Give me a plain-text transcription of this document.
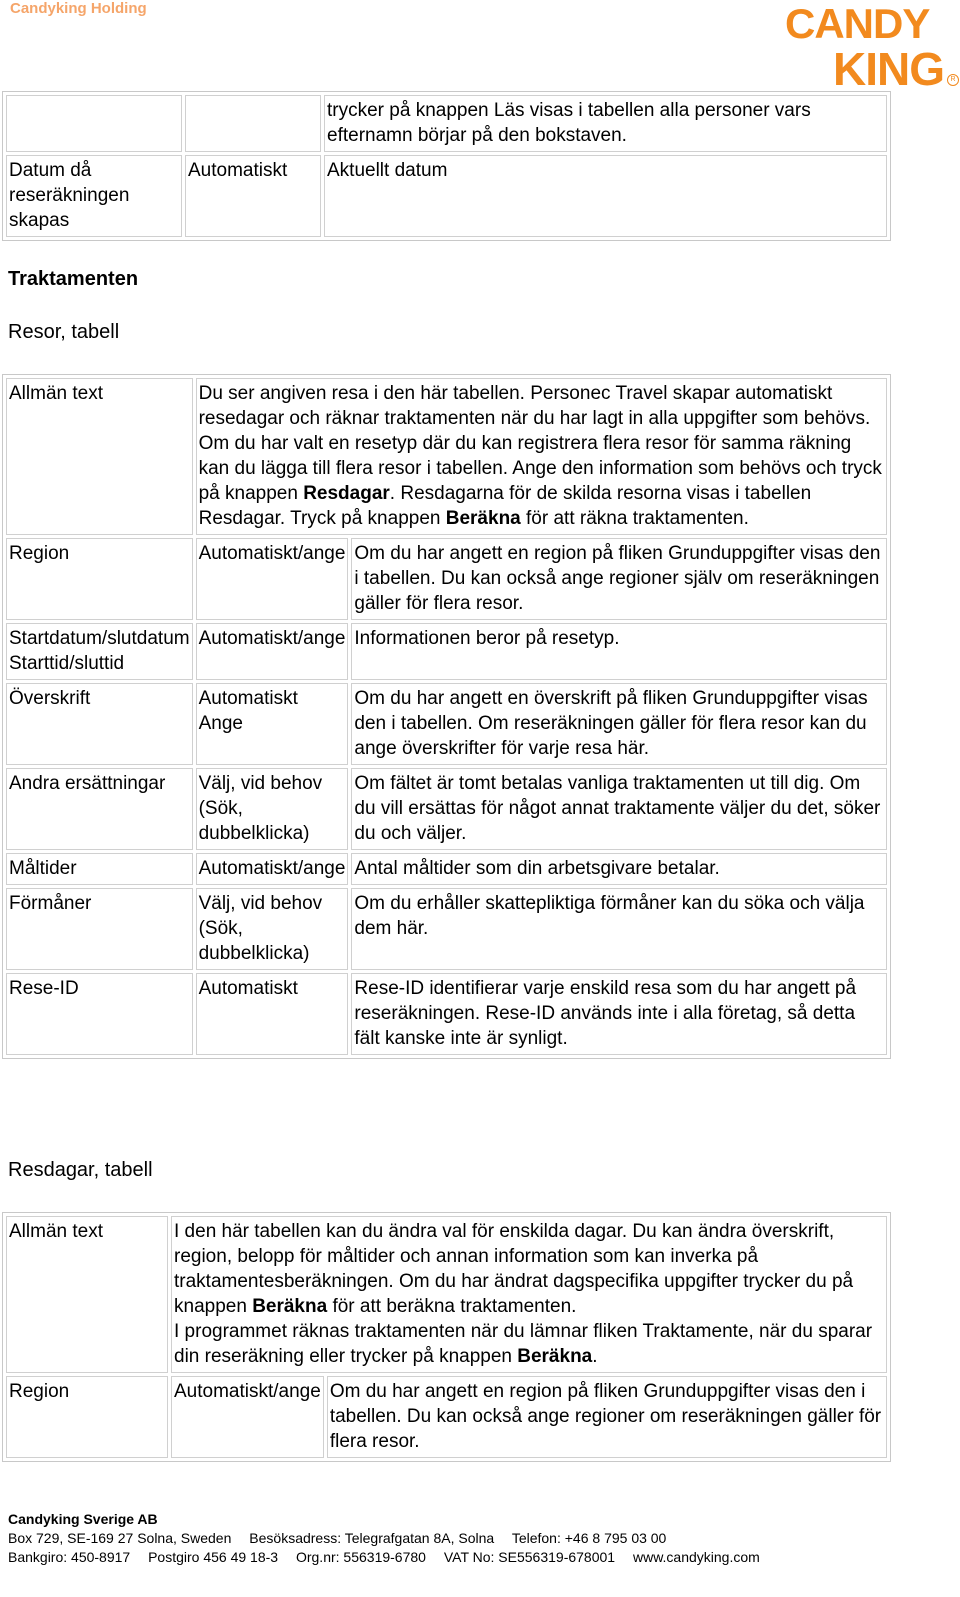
Candyking Holding	CANDY
KING R
		trycker på knappen Läs visas i tabellen alla personer vars efternamn börjar på den bokstaven.
Datum då reseräkningen skapas	Automatiskt	Aktuellt datum
Traktamenten
Resor, tabell
Allmän text	Du ser angiven resa i den här tabellen. Personec Travel skapar automatiskt resedagar och räknar traktamenten när du har lagt in alla uppgifter som behövs.
Om du har valt en resetyp där du kan registrera flera resor för samma räkning kan du lägga till flera resor i tabellen. Ange den information som behövs och tryck på knappen Resdagar. Resdagarna för de skilda resorna visas i tabellen Resdagar. Tryck på knappen Beräkna för att räkna traktamenten.	
Region	Automatiskt/ange	Om du har angett en region på fliken Grunduppgifter visas den i tabellen. Du kan också ange regioner själv om reseräkningen gäller för flera resor.
Startdatum/slutdatum Starttid/sluttid	Automatiskt/ange	Informationen beror på resetyp.
Överskrift	Automatiskt Ange	Om du har angett en överskrift på fliken Grunduppgifter visas den i tabellen. Om reseräkningen gäller för flera resor kan du ange överskrifter för varje resa här.
Andra ersättningar	Välj, vid behov (Sök, dubbelklicka)	Om fältet är tomt betalas vanliga traktamenten ut till dig. Om du vill ersättas för något annat traktamente väljer du det, söker du och väljer.
Måltider	Automatiskt/ange	Antal måltider som din arbetsgivare betalar.
Förmåner	Välj, vid behov (Sök, dubbelklicka)	Om du erhåller skattepliktiga förmåner kan du söka och välja dem här.
Rese-ID	Automatiskt	Rese-ID identifierar varje enskild resa som du har angett på reseräkningen. Rese-ID används inte i alla företag, så detta fält kanske inte är synligt.
Resdagar, tabell
Allmän text	I den här tabellen kan du ändra val för enskilda dagar. Du kan ändra överskrift, region, belopp för måltider och annan information som kan inverka på traktamentesberäkningen. Om du har ändrat dagspecifika uppgifter trycker du på knappen Beräkna för att beräkna traktamenten.
I programmet räknas traktamenten när du lämnar fliken Traktamente, när du sparar din reseräkning eller trycker på knappen Beräkna.	
Region	Automatiskt/ange	Om du har angett en region på fliken Grunduppgifter visas den i tabellen. Du kan också ange regioner om reseräkningen gäller för flera resor.
Candyking Sverige AB
Box 729, SE-169 27 Solna, Sweden Besöksadress: Telegrafgatan 8A, Solna Telefon: +46 8 795 03 00
Bankgiro: 450-8917 Postgiro 456 49 18-3 Org.nr: 556319-6780 VAT No: SE556319-678001 www.candyking.com
